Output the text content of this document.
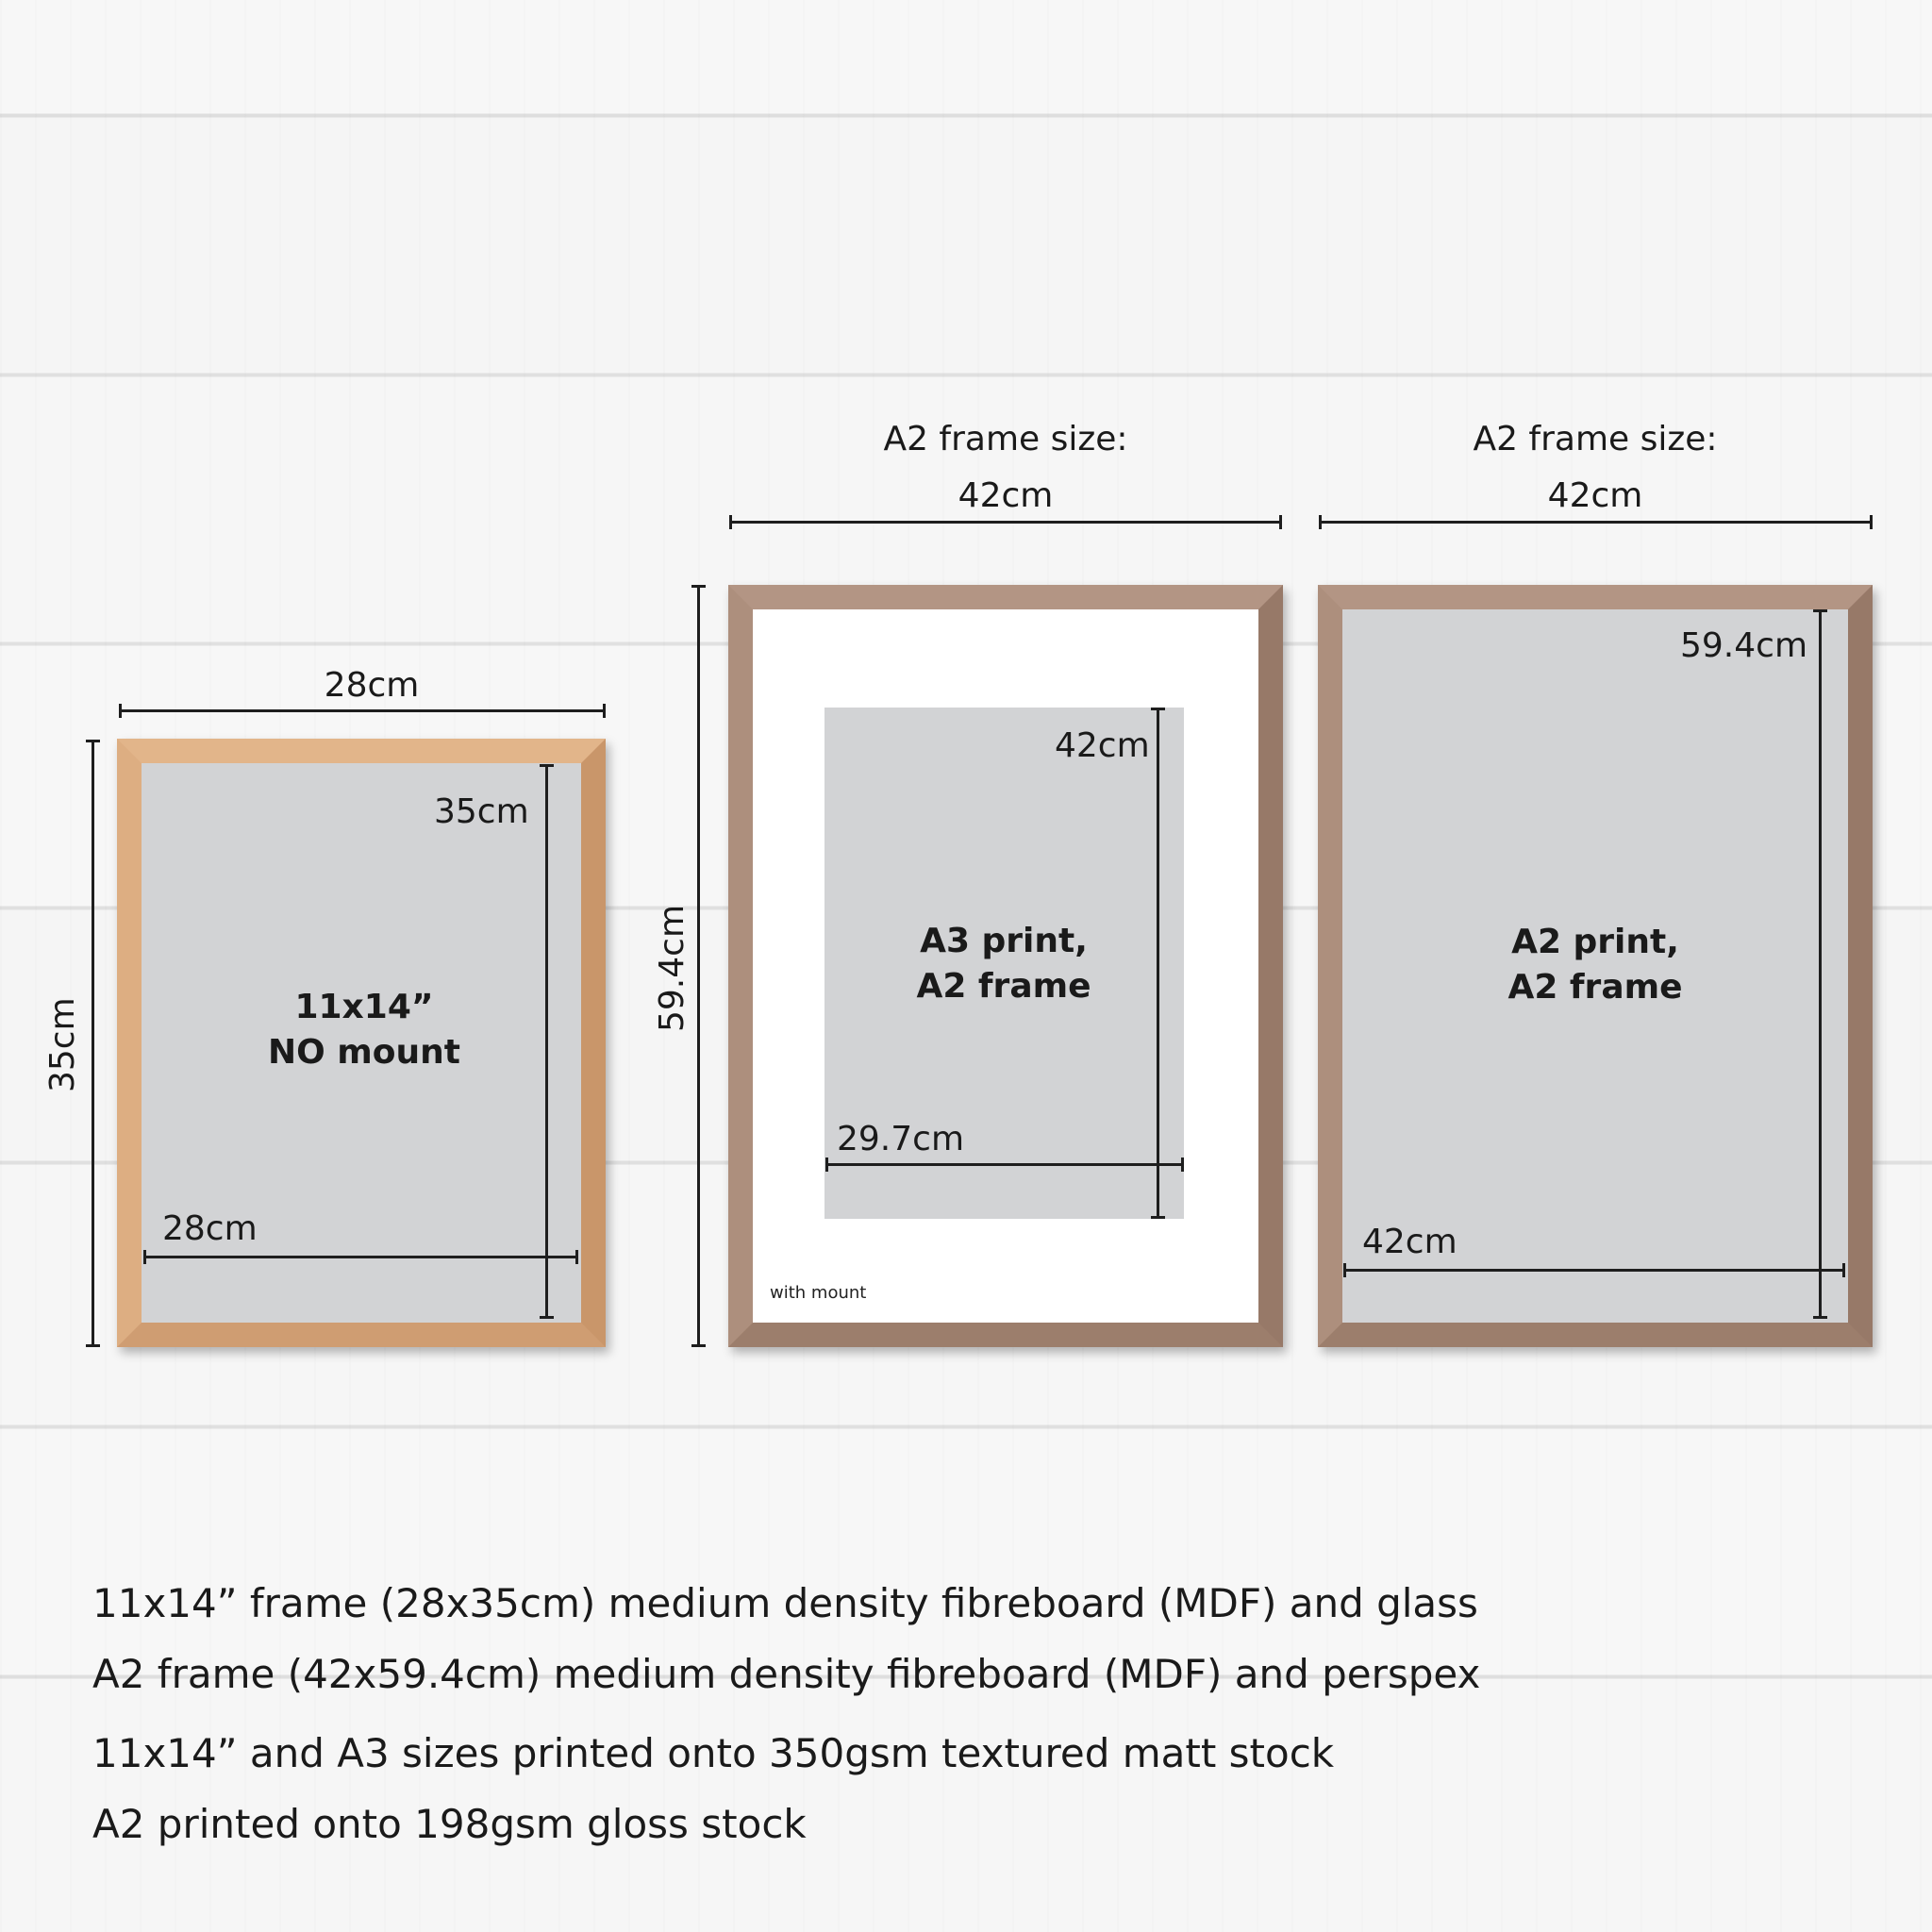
28cm
35cm
35cm
28cm
11x14”
NO mount
A2 frame size:
42cm
59.4cm
42cm
29.7cm
A3 print,
A2 frame
with mount
A2 frame size:
42cm
59.4cm
42cm
A2 print,
A2 frame
11x14” frame (28x35cm) medium density fibreboard (MDF) and glass
A2 frame (42x59.4cm) medium density fibreboard (MDF) and perspex
11x14” and A3 sizes printed onto 350gsm textured matt stock
A2 printed onto 198gsm gloss stock
